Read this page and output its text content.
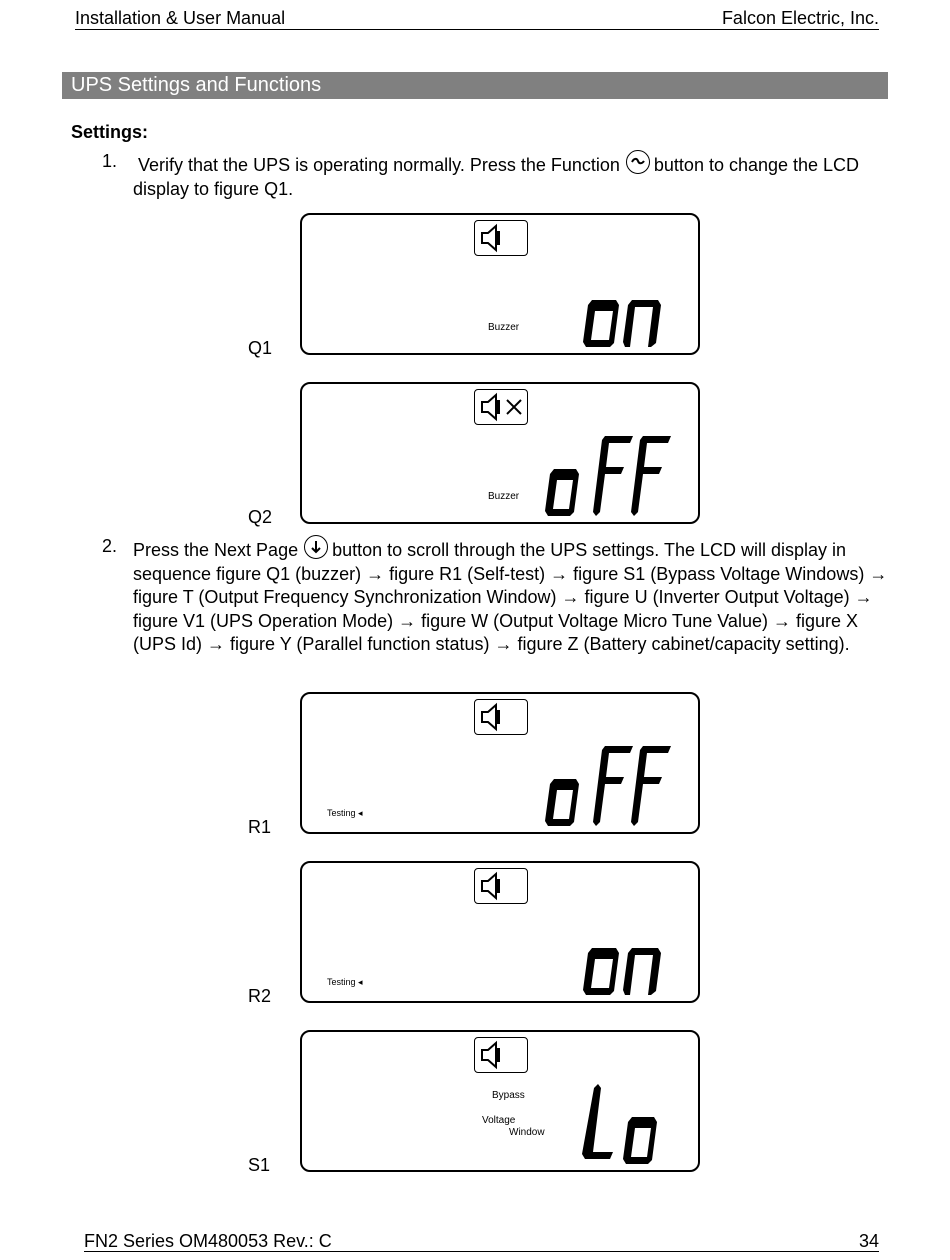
Installation & User Manual	Falcon Electric, Inc.
UPS Settings and Functions
Settings:
1. Verify that the UPS is operating normally. Press the Function button to change the LCD display to figure Q1.
Q1
Buzzer
Q2
Buzzer
2. Press the Next Page button to scroll through the UPS settings. The LCD will display in sequence figure Q1 (buzzer) → figure R1 (Self-test) → figure S1 (Bypass Voltage Windows) → figure T (Output Frequency Synchronization Window) → figure U (Inverter Output Voltage) → figure V1 (UPS Operation Mode) → figure W (Output Voltage Micro Tune Value) → figure X (UPS Id) → figure Y (Parallel function status) → figure Z (Battery cabinet/capacity setting).
R1
Testing ◂
R2
Testing ◂
S1
Bypass
Voltage
Window
FN2 Series OM480053 Rev.: C	34
